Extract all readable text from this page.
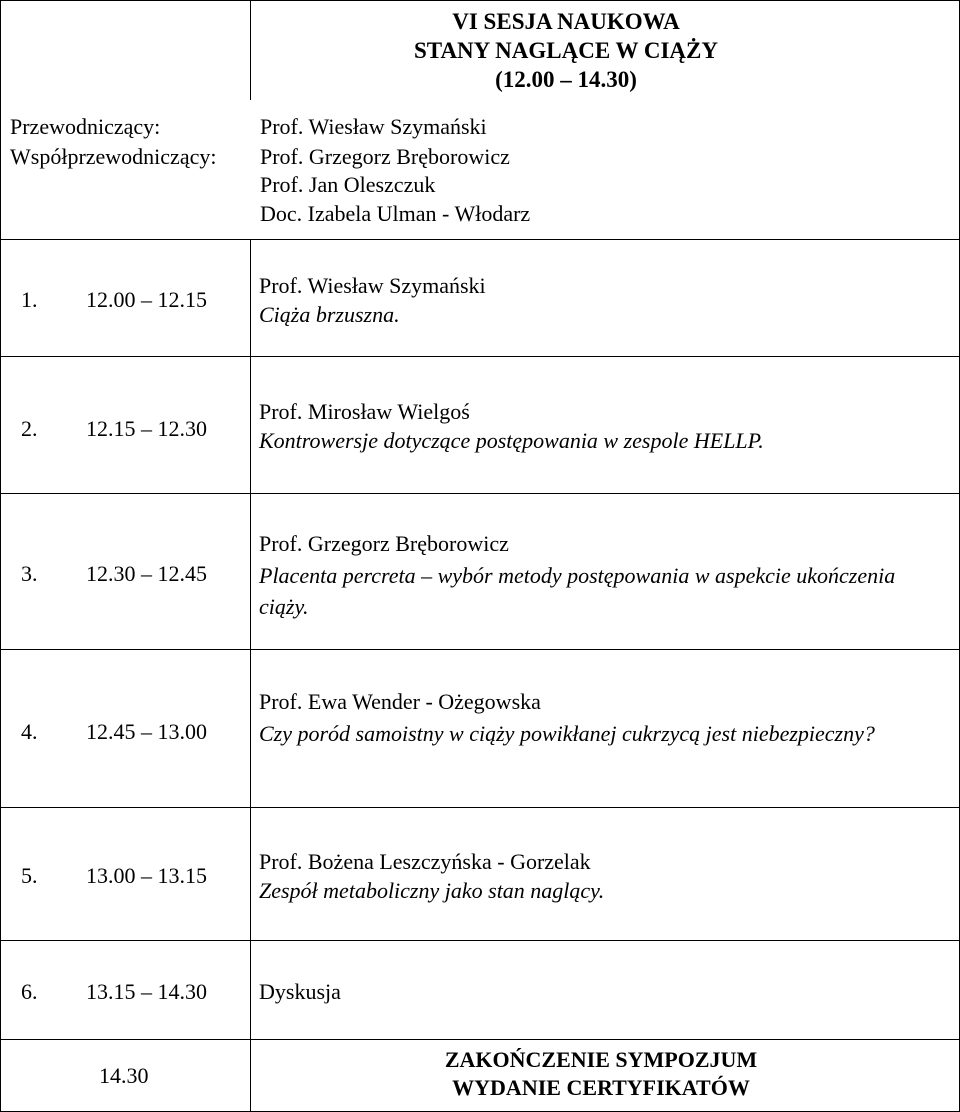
VI SESJA NAUKOWA
STANY NAGLĄCE W CIĄŻY
(12.00 – 14.30)
Przewodniczący:	Prof. Wiesław Szymański
Współprzewodniczący: Prof. Grzegorz Bręborowicz
Prof. Jan Oleszczuk
Doc. Izabela Ulman - Włodarz
1. 12.00 – 12.15
Prof. Wiesław Szymański
Ciąża brzuszna.
2. 12.15 – 12.30
Prof. Mirosław Wielgoś
Kontrowersje dotyczące postępowania w zespole HELLP.
3. 12.30 – 12.45
Prof. Grzegorz Bręborowicz
Placenta percreta – wybór metody postępowania w aspekcie ukończenia ciąży.
4. 12.45 – 13.00
Prof. Ewa Wender - Ożegowska
Czy poród samoistny w ciąży powikłanej cukrzycą jest niebezpieczny?
5. 13.00 – 13.15
Prof. Bożena Leszczyńska - Gorzelak
Zespół metaboliczny jako stan naglący.
6. 13.15 – 14.30 Dyskusja
14.30
ZAKOŃCZENIE SYMPOZJUM
WYDANIE CERTYFIKATÓW
